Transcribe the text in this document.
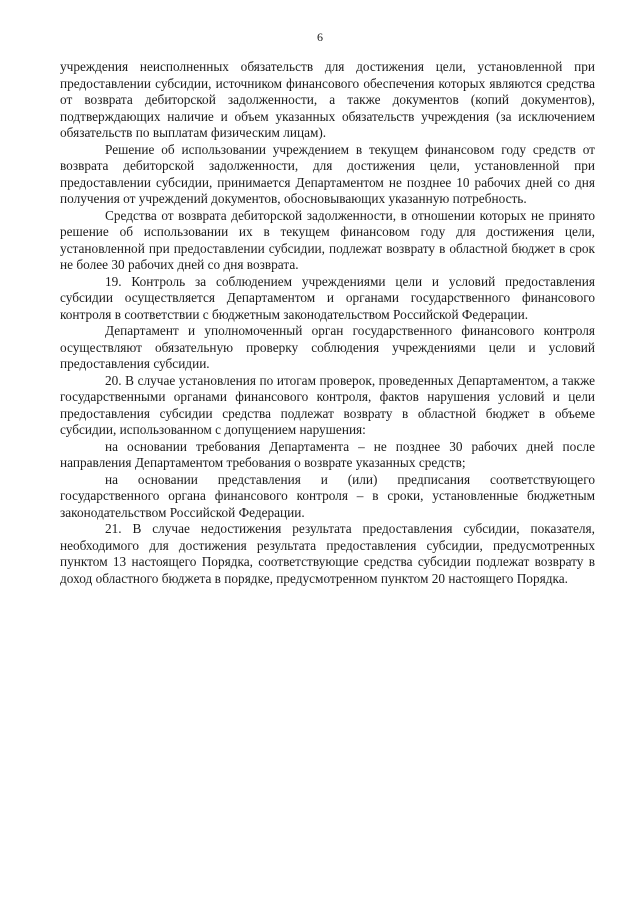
6

учреждения неисполненных обязательств для достижения цели, установленной при предоставлении субсидии, источником финансового обеспечения которых являются средства от возврата дебиторской задолженности, а также документов (копий документов), подтверждающих наличие и объем указанных обязательств учреждения (за исключением обязательств по выплатам физическим лицам).

Решение об использовании учреждением в текущем финансовом году средств от возврата дебиторской задолженности, для достижения цели, установленной при предоставлении субсидии, принимается Департаментом не позднее 10 рабочих дней со дня получения от учреждений документов, обосновывающих указанную потребность.

Средства от возврата дебиторской задолженности, в отношении которых не принято решение об использовании их в текущем финансовом году для достижения цели, установленной при предоставлении субсидии, подлежат возврату в областной бюджет в срок не более 30 рабочих дней со дня возврата.

19. Контроль за соблюдением учреждениями цели и условий предоставления субсидии осуществляется Департаментом и органами государственного финансового контроля в соответствии с бюджетным законодательством Российской Федерации.

Департамент и уполномоченный орган государственного финансового контроля осуществляют обязательную проверку соблюдения учреждениями цели и условий предоставления субсидии.

20. В случае установления по итогам проверок, проведенных Департаментом, а также государственными органами финансового контроля, фактов нарушения условий и цели предоставления субсидии средства подлежат возврату в областной бюджет в объеме субсидии, использованном с допущением нарушения:

на основании требования Департамента – не позднее 30 рабочих дней после направления Департаментом требования о возврате указанных средств;

на основании представления и (или) предписания соответствующего государственного органа финансового контроля – в сроки, установленные бюджетным законодательством Российской Федерации.

21. В случае недостижения результата предоставления субсидии, показателя, необходимого для достижения результата предоставления субсидии, предусмотренных пунктом 13 настоящего Порядка, соответствующие средства субсидии подлежат возврату в доход областного бюджета в порядке, предусмотренном пунктом 20 настоящего Порядка.
